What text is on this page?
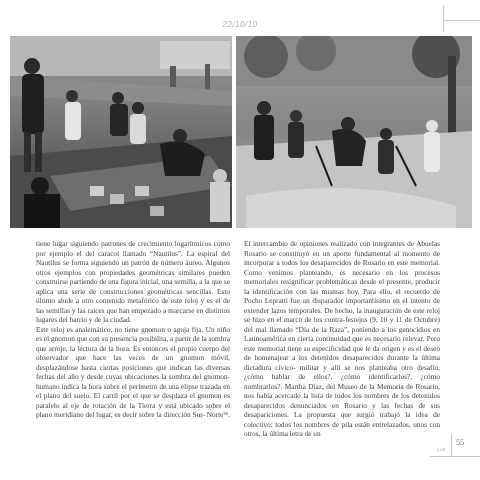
22/10/10

tiene lugar siguiendo patrones de crecimiento logarítmicos como por ejemplo el del caracol llamado “Nautilus”. La espiral del Nautilus se forma siguiendo un patrón de número áureo. Algunos otros ejemplos con propiedades geométricas similares pueden construirse partiendo de una figura inicial, una semilla, a la que se aplica una serie de construcciones geométricas sencillas. Esto último alude a otro contenido metafórico de este reloj y es el de las semillas y las raíces que han empezado a marcarse en distintos lugares del barrio y de la ciudad.

Este reloj es analemático, no tiene gnomon o aguja fija. Un niño es el gnomon que con su presencia posibilita, a partir de la sombra que arroje, la lectura de la hora. Es entonces el propio cuerpo del observador que hace las veces de un gnomon móvil, desplazándose hasta ciertas posiciones que indican las diversas fechas del año y desde cuyas ubicaciones la sombra del gnomon-humano indica la hora sobre el perímetro de una elipse trazada en el plano del suelo. El carril por el que se desplaza el gnomon es paralelo al eje de rotación de la Tierra y está ubicado sobre el plano meridiano del lugar, es decir sobre la dirección Sur- Norte³⁶.

El intercambio de opiniones realizado con integrantes de Abuelas Rosario se constituyó en un aporte fundamental al momento de incorporar a todos los desaparecidos de Rosario en este memorial. Como venimos planteando, es necesario en los procesos memoriales resignificar problemáticas desde el presente, producir la identificación con las mismas hoy. Para ello, el recuerdo de Pocho Lepratti fue un disparador importantísimo en el intento de extender lazos temporales. De hecho, la inauguración de este reloj se hizo en el marco de los contra-festejos (9, 10 y 11 de Octubre) del mal llamado “Día de la Raza”, poniendo a los genocidios en Latinoamérica en cierta continuidad que es necesario relevar. Pero este memorial tiene su especificidad que le da origen y es el deseo de homenajear a los detenidos desaparecidos durante la última dictadura cívico- militar y allí se nos planteaba otro desafío, ¿cómo hablar de ellos?, ¿cómo identificarlos?, ¿cómo nombrarlos?. Martha Díaz, del Museo de la Memoria de Rosario, nos había acercado la lista de todos los nombres de los detenidos desaparecidos denunciados en Rosario y las fechas de sus desapariciones. La propuesta que surgió trabajó la idea de colectivo: todos los nombres de pila están entrelazados, unos con otros, la última letra de un

55
LAE
